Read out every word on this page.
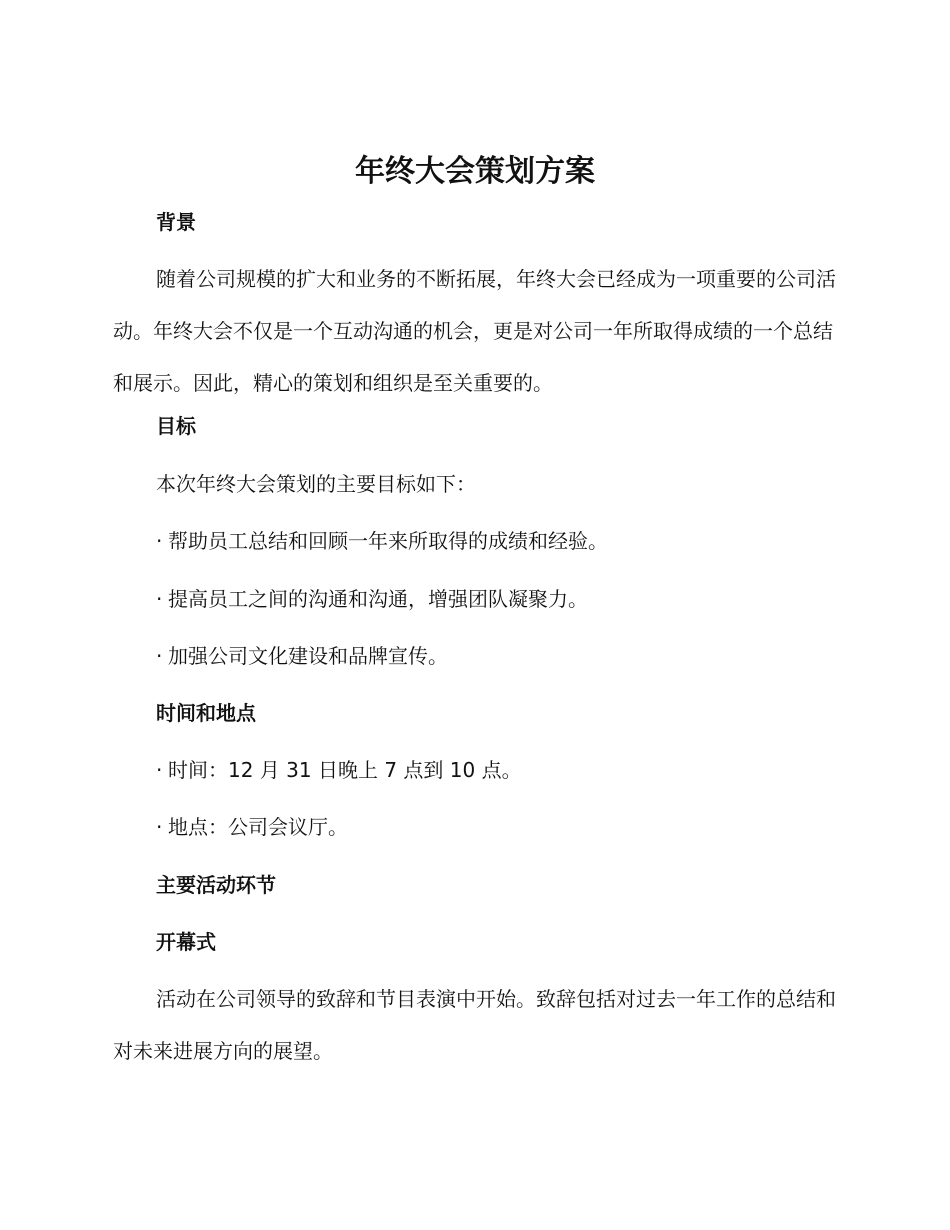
年终大会策划方案
背景

随着公司规模的扩大和业务的不断拓展，年终大会已经成为一项重要的公司活动。年终大会不仅是一个互动沟通的机会，更是对公司一年所取得成绩的一个总结和展示。因此，精心的策划和组织是至关重要的。

目标

本次年终大会策划的主要目标如下：

· 帮助员工总结和回顾一年来所取得的成绩和经验。

· 提高员工之间的沟通和沟通，增强团队凝聚力。

· 加强公司文化建设和品牌宣传。

时间和地点

· 时间：12 月 31 日晚上 7 点到 10 点。

· 地点：公司会议厅。

主要活动环节
开幕式

活动在公司领导的致辞和节目表演中开始。致辞包括对过去一年工作的总结和对未来进展方向的展望。
